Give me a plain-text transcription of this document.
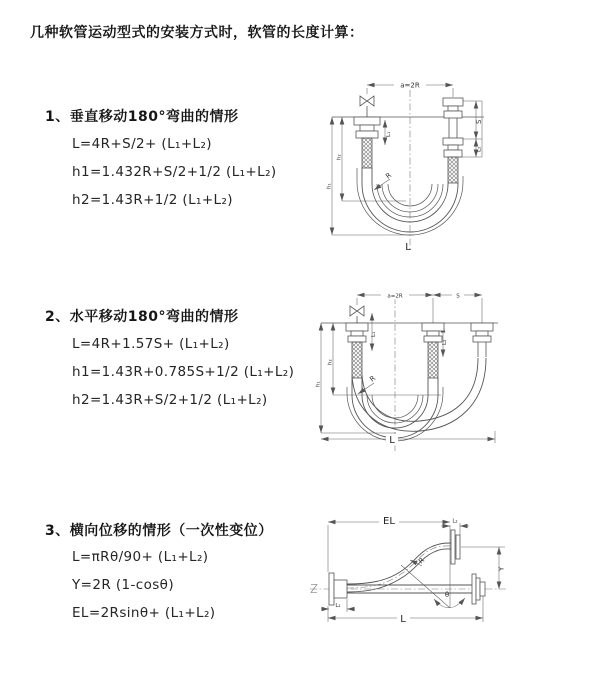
几种软管运动型式的安装方式时，软管的长度计算：
1、垂直移动180°弯曲的情形
L=4R+S/2+ (L₁+L₂)
h1=1.432R+S/2+1/2 (L₁+L₂)
h2=1.43R+1/2 (L₁+L₂)
2、水平移动180°弯曲的情形
L=4R+1.57S+ (L₁+L₂)
h1=1.43R+0.785S+1/2 (L₁+L₂)
h2=1.43R+S/2+1/2 (L₁+L₂)
3、横向位移的情形（一次性变位）
L=πRθ/90+ (L₁+L₂)
Y=2R (1-cosθ)
EL=2Rsinθ+ (L₁+L₂)
a=2R
L₁
S
L₂
h₁
h₂
R
L
a=2R	S
L₁
L₂
h₁
h₂
R
L
EL	L₂
Y
R
θ
L
L₁
